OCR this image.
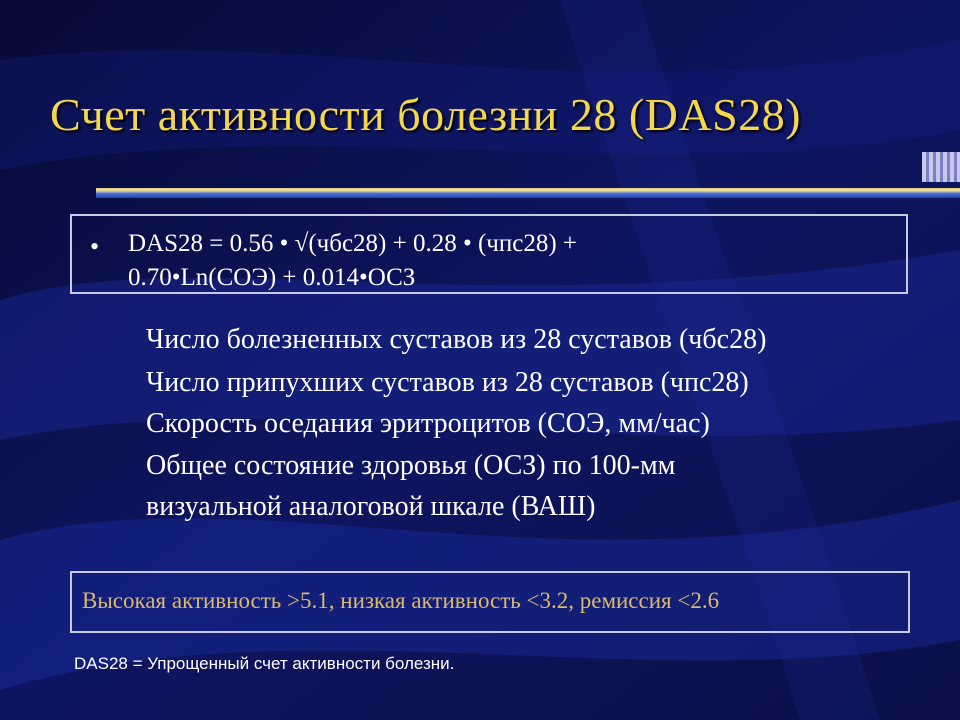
Счет активности болезни 28 (DAS28)
• DAS28 = 0.56 • √(чбс28) + 0.28 • (чпс28) +
0.70•Ln(СОЭ) + 0.014•ОСЗ
Число болезненных суставов из 28 суставов (чбс28)
Число припухших суставов из 28 суставов (чпс28)
Скорость оседания эритроцитов (СОЭ, мм/час)
Общее состояние здоровья (ОСЗ) по 100-мм
визуальной аналоговой шкале (ВАШ)
Высокая активность >5.1, низкая активность <3.2, ремиссия <2.6
DAS28 = Упрощенный счет активности болезни.
